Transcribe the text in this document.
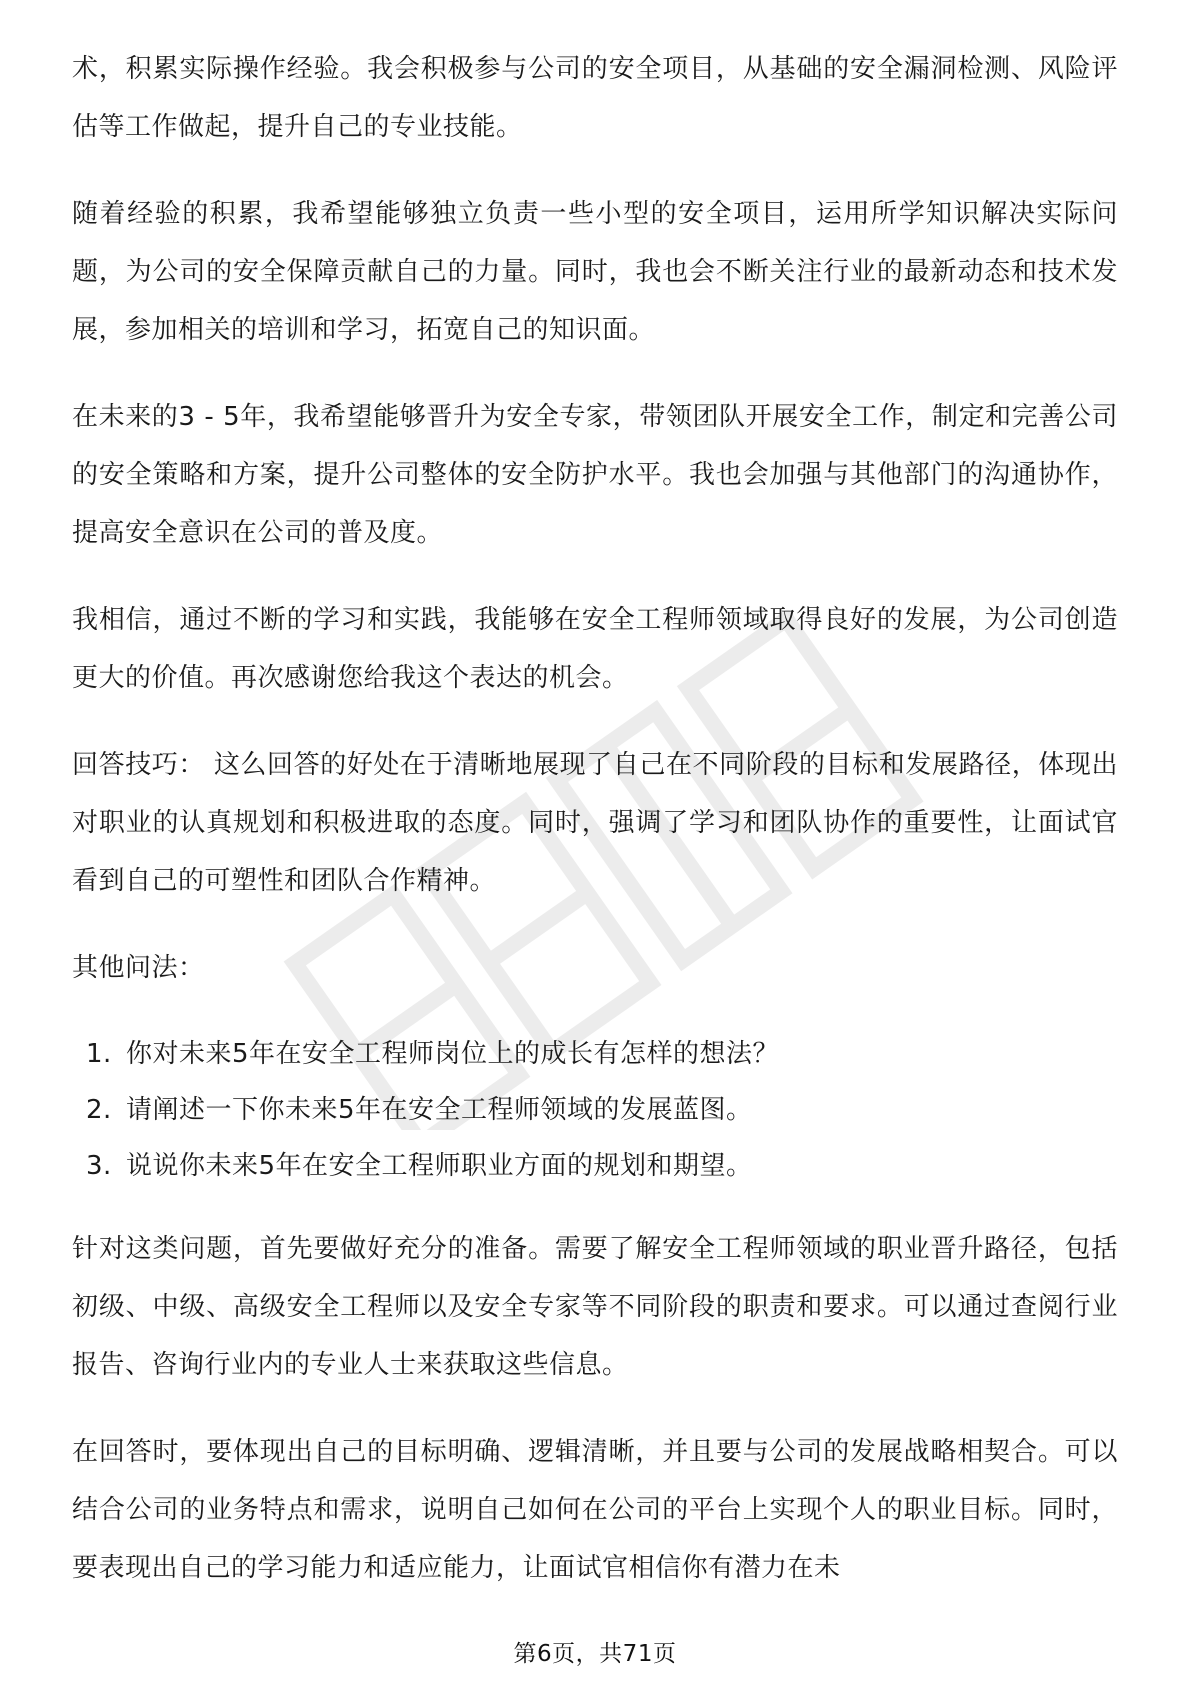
术，积累实际操作经验。我会积极参与公司的安全项目，从基础的安全漏洞检测、风险评估等工作做起，提升自己的专业技能。

随着经验的积累，我希望能够独立负责一些小型的安全项目，运用所学知识解决实际问题，为公司的安全保障贡献自己的力量。同时，我也会不断关注行业的最新动态和技术发展，参加相关的培训和学习，拓宽自己的知识面。

在未来的3 - 5年，我希望能够晋升为安全专家，带领团队开展安全工作，制定和完善公司的安全策略和方案，提升公司整体的安全防护水平。我也会加强与其他部门的沟通协作，提高安全意识在公司的普及度。

我相信，通过不断的学习和实践，我能够在安全工程师领域取得良好的发展，为公司创造更大的价值。再次感谢您给我这个表达的机会。

回答技巧： 这么回答的好处在于清晰地展现了自己在不同阶段的目标和发展路径，体现出对职业的认真规划和积极进取的态度。同时，强调了学习和团队协作的重要性，让面试官看到自己的可塑性和团队合作精神。

其他问法：

1. 你对未来5年在安全工程师岗位上的成长有怎样的想法？
2. 请阐述一下你未来5年在安全工程师领域的发展蓝图。
3. 说说你未来5年在安全工程师职业方面的规划和期望。

针对这类问题，首先要做好充分的准备。需要了解安全工程师领域的职业晋升路径，包括初级、中级、高级安全工程师以及安全专家等不同阶段的职责和要求。可以通过查阅行业报告、咨询行业内的专业人士来获取这些信息。

在回答时，要体现出自己的目标明确、逻辑清晰，并且要与公司的发展战略相契合。可以结合公司的业务特点和需求，说明自己如何在公司的平台上实现个人的职业目标。同时，要表现出自己的学习能力和适应能力，让面试官相信你有潜力在未

第6页，共71页
